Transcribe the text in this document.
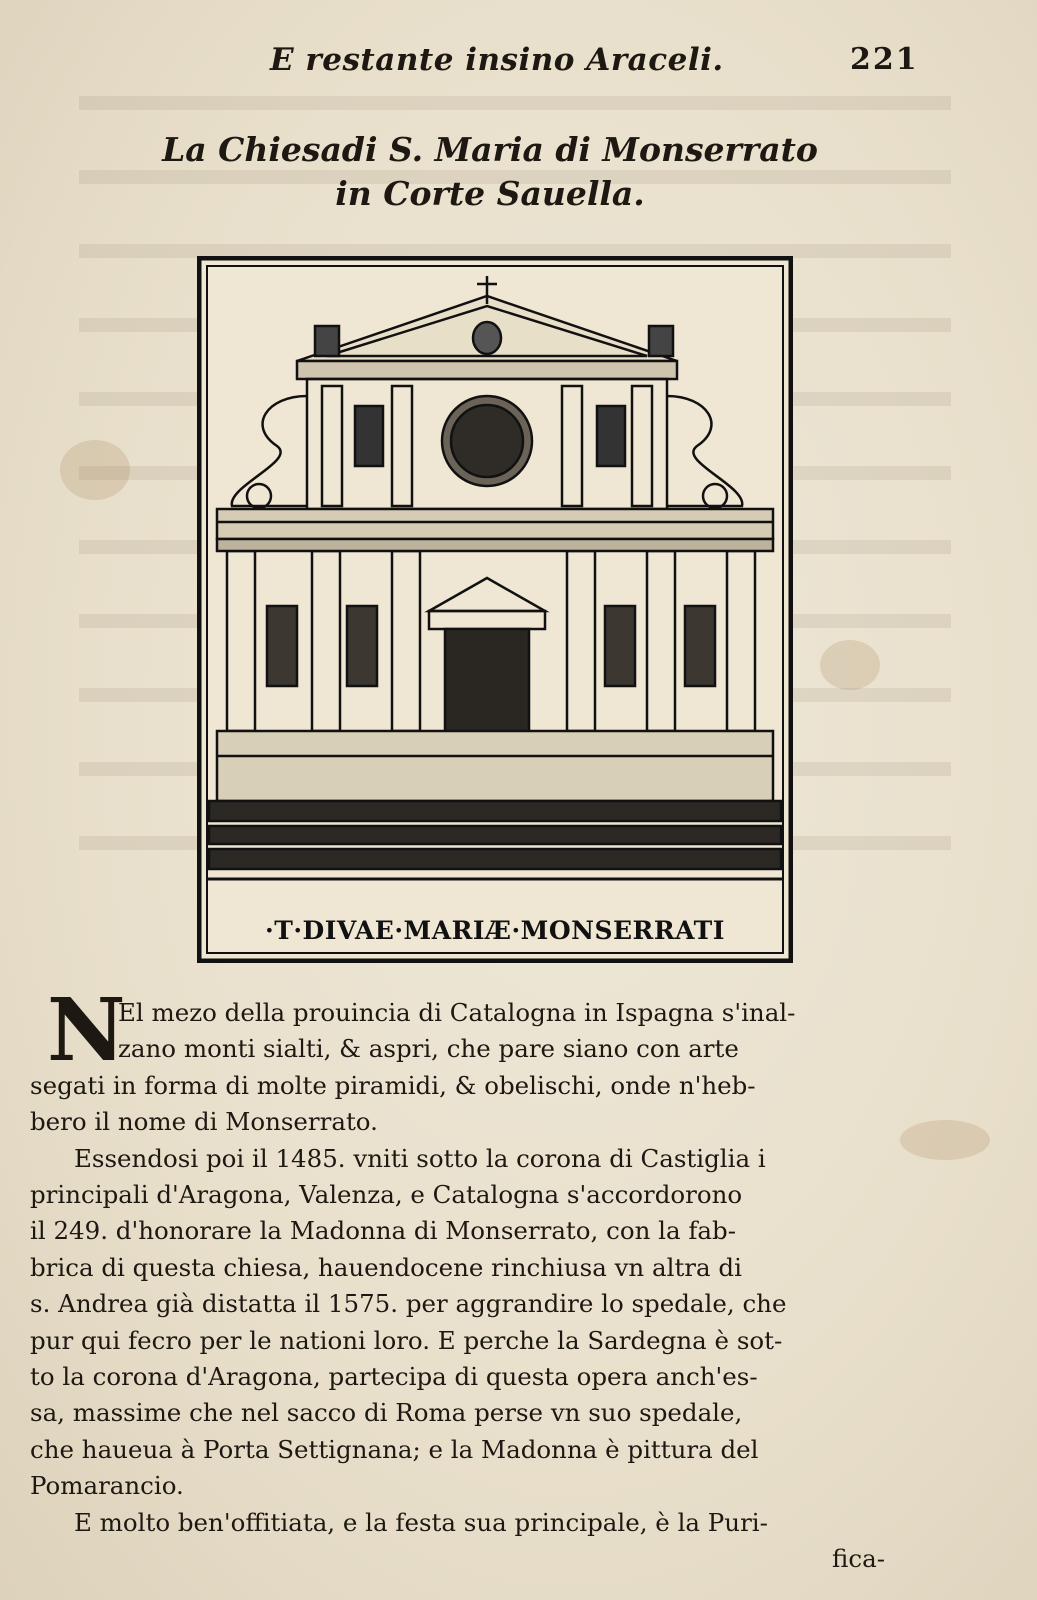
E restante insino Araceli.	221
La Chiesadi S. Maria di Monserrato
in Corte Sauella.
·T·DIVAE·MARIÆ·MONSERRATI
N
El mezo della prouincia di Catalogna in Ispagna s'inal-
zano monti sialti, & aspri, che pare siano con arte
segati in forma di molte piramidi, & obelischi, onde n'heb-
bero il nome di Monserrato.
Essendosi poi il 1485. vniti sotto la corona di Castiglia i
principali d'Aragona, Valenza, e Catalogna s'accordorono
il 249. d'honorare la Madonna di Monserrato, con la fab-
brica di questa chiesa, hauendocene rinchiusa vn altra di
s. Andrea già distatta il 1575. per aggrandire lo spedale, che
pur qui fecro per le nationi loro. E perche la Sardegna è sot-
to la corona d'Aragona, partecipa di questa opera anch'es-
sa, massime che nel sacco di Roma perse vn suo spedale,
che haueua à Porta Settignana; e la Madonna è pittura del
Pomarancio.
E molto ben'offitiata, e la festa sua principale, è la Puri-
fica-
